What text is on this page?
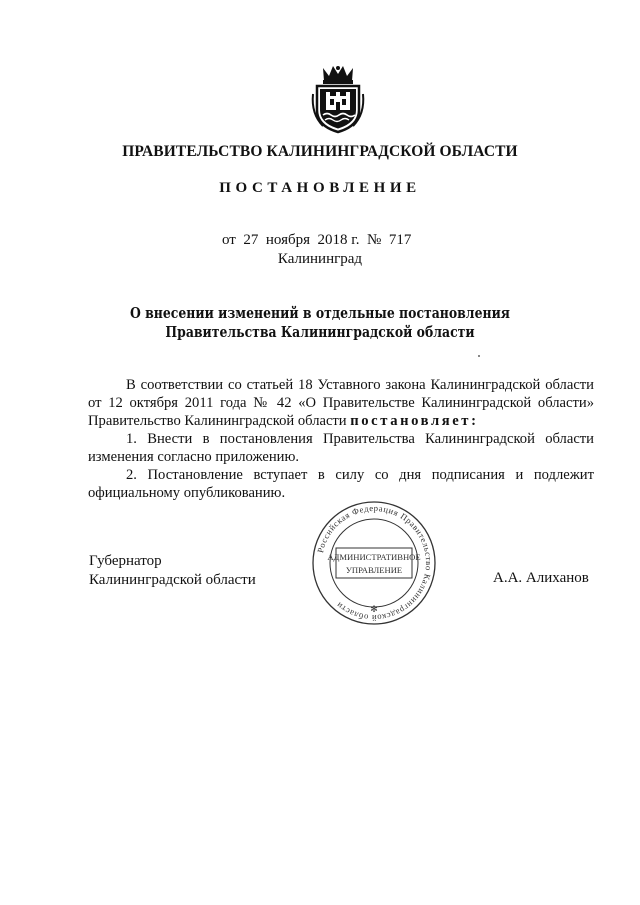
ПРАВИТЕЛЬСТВО КАЛИНИНГРАДСКОЙ ОБЛАСТИ
ПОСТАНОВЛЕНИЕ
от 27 ноября 2018 г. № 717
Калининград
О внесении изменений в отдельные постановления
Правительства Калининградской области
В соответствии со статьей 18 Уставного закона Калининградской области
от 12 октября 2011 года № 42 «О Правительстве Калининградской области»
Правительство Калининградской области постановляет:
1. Внести в постановления Правительства Калининградской области
изменения согласно приложению.
2. Постановление вступает в силу со дня подписания и подлежит
официальному опубликованию.
Губернатор
Калининградской области
Российская Федерация Правительство Калининградской области
АДМИНИСТРАТИВНОЕ
УПРАВЛЕНИЕ
✻
А.А. Алиханов
